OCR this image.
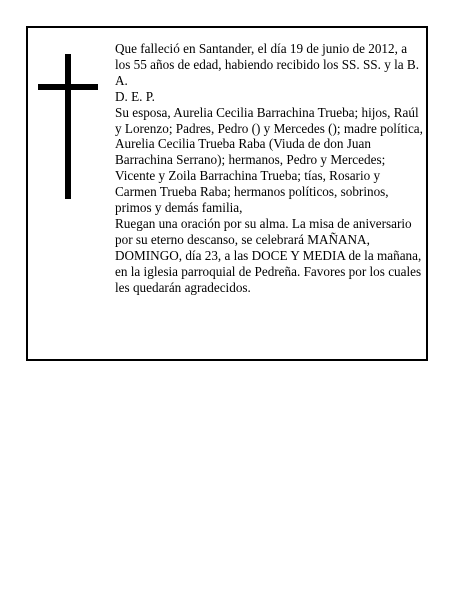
Que falleció en Santander, el día 19 de junio de 2012, a los 55 años de edad, habiendo recibido los SS. SS. y la B. A.

D. E. P.

Su esposa, Aurelia Cecilia Barrachina Trueba; hijos, Raúl y Lorenzo; Padres, Pedro () y Mercedes (); madre política, Aurelia Cecilia Trueba Raba (Viuda de don Juan Barrachina Serrano); hermanos, Pedro y Mercedes; Vicente y Zoila Barrachina Trueba; tías, Rosario y Carmen Trueba Raba; hermanos políticos, sobrinos, primos y demás familia,

Ruegan una oración por su alma. La misa de aniversario por su eterno descanso, se celebrará MAÑANA, DOMINGO, día 23, a las DOCE Y MEDIA de la mañana, en la iglesia parroquial de Pedreña. Favores por los cuales les quedarán agradecidos.
